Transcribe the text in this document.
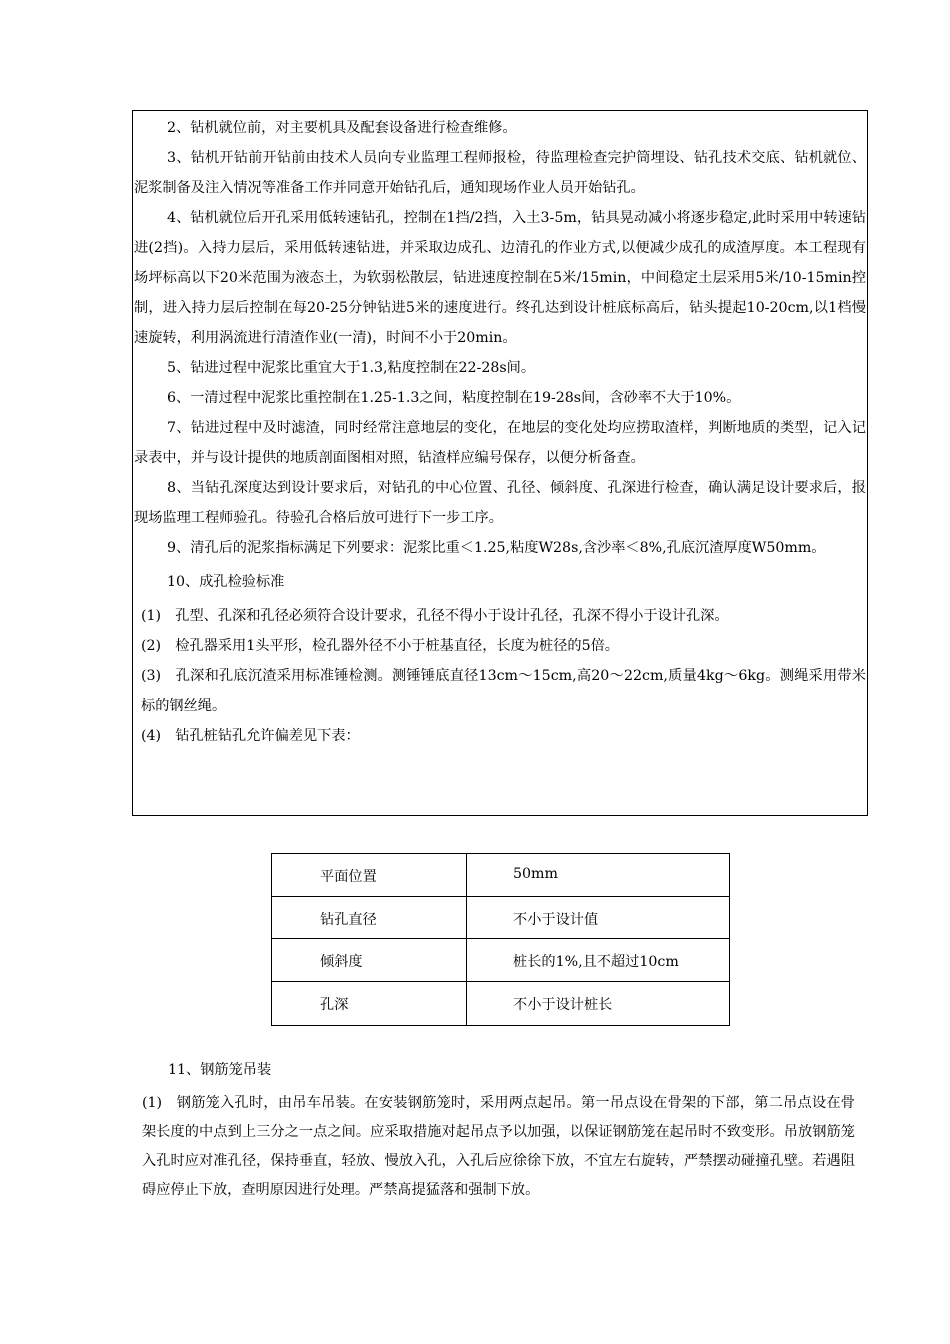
2、钻机就位前，对主要机具及配套设备进行检查维修。

3、钻机开钻前开钻前由技术人员向专业监理工程师报检，待监理检查完护筒埋设、钻孔技术交底、钻机就位、泥浆制备及注入情况等准备工作并同意开始钻孔后，通知现场作业人员开始钻孔。

4、钻机就位后开孔采用低转速钻孔，控制在1挡/2挡，入土3-5m，钻具晃动减小将逐步稳定,此时采用中转速钻进(2挡)。入持力层后，采用低转速钻进，并采取边成孔、边清孔的作业方式,以便减少成孔的成渣厚度。本工程现有场坪标高以下20米范围为液态土，为软弱松散层，钻进速度控制在5米/15min，中间稳定土层采用5米/10-15min控制，进入持力层后控制在每20-25分钟钻进5米的速度进行。终孔达到设计桩底标高后，钻头提起10-20cm,以1档慢速旋转，利用涡流进行清渣作业(一清)，时间不小于20min。

5、钻进过程中泥浆比重宜大于1.3,粘度控制在22-28s间。

6、一清过程中泥浆比重控制在1.25-1.3之间，粘度控制在19-28s间，含砂率不大于10%。

7、钻进过程中及时滤渣，同时经常注意地层的变化，在地层的变化处均应捞取渣样，判断地质的类型，记入记录表中，并与设计提供的地质剖面图相对照，钻渣样应编号保存，以便分析备查。

8、当钻孔深度达到设计要求后，对钻孔的中心位置、孔径、倾斜度、孔深进行检查，确认满足设计要求后，报现场监理工程师验孔。待验孔合格后放可进行下一步工序。

9、清孔后的泥浆指标满足下列要求：泥浆比重＜1.25,粘度W28s,含沙率＜8%,孔底沉渣厚度W50mm。

10、成孔检验标准

(1)　孔型、孔深和孔径必须符合设计要求，孔径不得小于设计孔径，孔深不得小于设计孔深。

(2)　检孔器采用1头平形，检孔器外径不小于桩基直径，长度为桩径的5倍。

(3)　孔深和孔底沉渣采用标准锤检测。测锤锤底直径13cm〜15cm,高20〜22cm,质量4kg〜6kg。测绳采用带米标的钢丝绳。

(4)　钻孔桩钻孔允许偏差见下表：

平面位置	50mm
钻孔直径	不小于设计值
倾斜度	桩长的1%,且不超过10cm
孔深	不小于设计桩长

11、钢筋笼吊装

(1)　钢筋笼入孔时，由吊车吊装。在安装钢筋笼时，采用两点起吊。第一吊点设在骨架的下部，第二吊点设在骨架长度的中点到上三分之一点之间。应采取措施对起吊点予以加强，以保证钢筋笼在起吊时不致变形。吊放钢筋笼入孔时应对准孔径，保持垂直，轻放、慢放入孔，入孔后应徐徐下放，不宜左右旋转，严禁摆动碰撞孔壁。若遇阻碍应停止下放，查明原因进行处理。严禁髙提猛落和强制下放。
